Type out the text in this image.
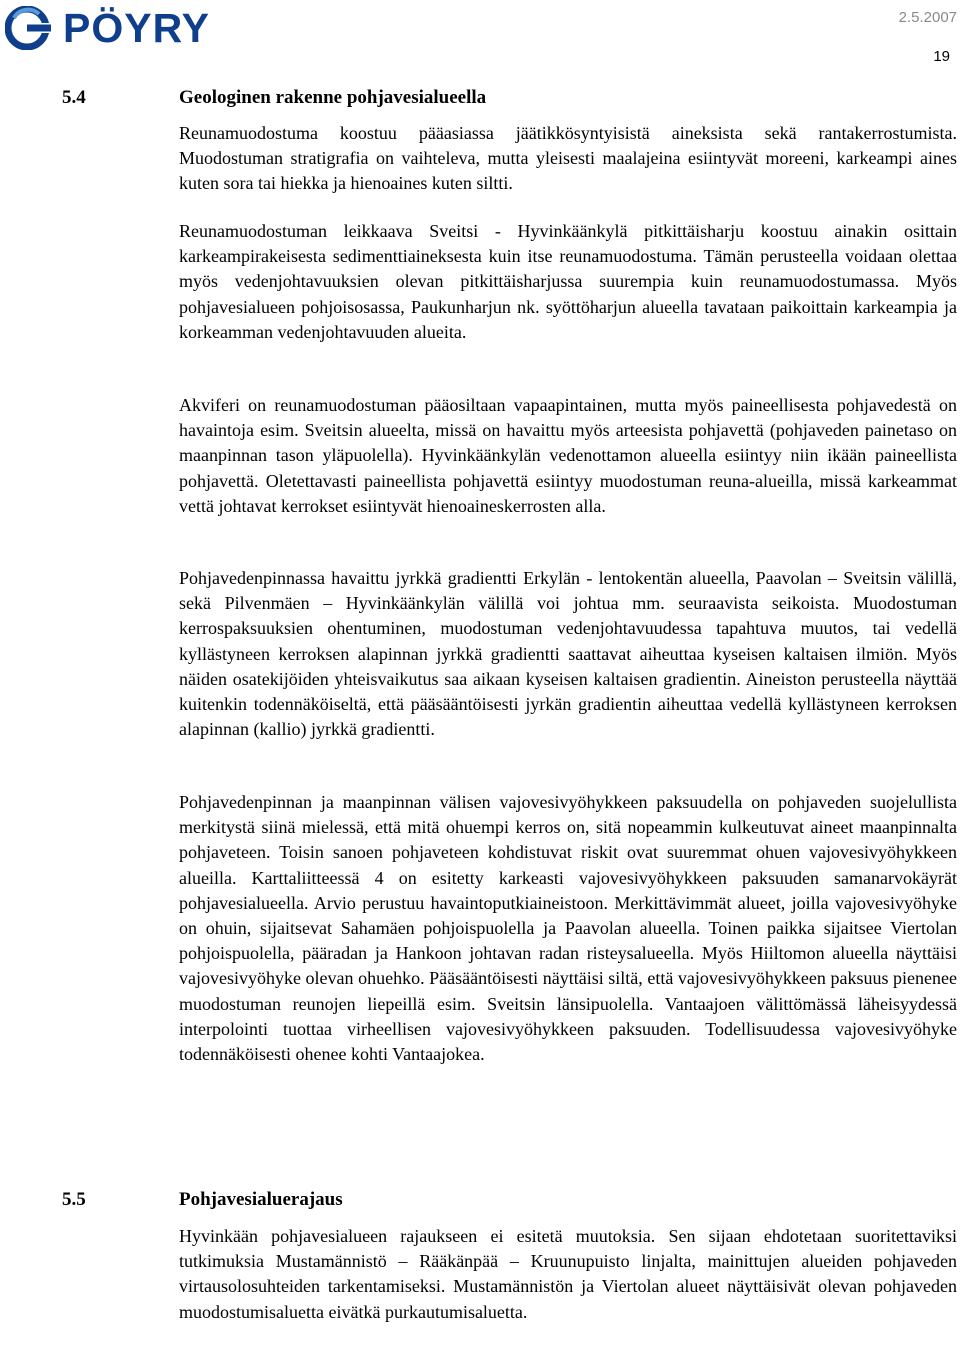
PÖYRY	2.5.2007
19
5.4	Geologinen rakenne pohjavesialueella

Reunamuodostuma koostuu pääasiassa jäätikkösyntyisistä aineksista sekä rantakerrostumista. Muodostuman stratigrafia on vaihteleva, mutta yleisesti maalajeina esiintyvät moreeni, karkeampi aines kuten sora tai hiekka ja hienoaines kuten siltti.

Reunamuodostuman leikkaava Sveitsi - Hyvinkäänkylä pitkittäisharju koostuu ainakin osittain karkeampirakeisesta sedimenttiaineksesta kuin itse reunamuodostuma. Tämän perusteella voidaan olettaa myös vedenjohtavuuksien olevan pitkittäisharjussa suurempia kuin reunamuodostumassa. Myös pohjavesialueen pohjoisosassa, Paukunharjun nk. syöttöharjun alueella tavataan paikoittain karkeampia ja korkeamman vedenjohtavuuden alueita.

Akviferi on reunamuodostuman pääosiltaan vapaapintainen, mutta myös paineellisesta pohjavedestä on havaintoja esim. Sveitsin alueelta, missä on havaittu myös arteesista pohjavettä (pohjaveden painetaso on maanpinnan tason yläpuolella). Hyvinkäänkylän vedenottamon alueella esiintyy niin ikään paineellista pohjavettä. Oletettavasti paineellista pohjavettä esiintyy muodostuman reuna-alueilla, missä karkeammat vettä johtavat kerrokset esiintyvät hienoaineskerrosten alla.

Pohjavedenpinnassa havaittu jyrkkä gradientti Erkylän - lentokentän alueella, Paavolan – Sveitsin välillä, sekä Pilvenmäen – Hyvinkäänkylän välillä voi johtua mm. seuraavista seikoista. Muodostuman kerrospaksuuksien ohentuminen, muodostuman vedenjohtavuudessa tapahtuva muutos, tai vedellä kyllästyneen kerroksen alapinnan jyrkkä gradientti saattavat aiheuttaa kyseisen kaltaisen ilmiön. Myös näiden osatekijöiden yhteisvaikutus saa aikaan kyseisen kaltaisen gradientin. Aineiston perusteella näyttää kuitenkin todennäköiseltä, että pääsääntöisesti jyrkän gradientin aiheuttaa vedellä kyllästyneen kerroksen alapinnan (kallio) jyrkkä gradientti.

Pohjavedenpinnan ja maanpinnan välisen vajovesivyöhykkeen paksuudella on pohjaveden suojelullista merkitystä siinä mielessä, että mitä ohuempi kerros on, sitä nopeammin kulkeutuvat aineet maanpinnalta pohjaveteen. Toisin sanoen pohjaveteen kohdistuvat riskit ovat suuremmat ohuen vajovesivyöhykkeen alueilla. Karttaliitteessä 4 on esitetty karkeasti vajovesivyöhykkeen paksuuden samanarvokäyrät pohjavesialueella. Arvio perustuu havaintoputkiaineistoon. Merkittävimmät alueet, joilla vajovesivyöhyke on ohuin, sijaitsevat Sahamäen pohjoispuolella ja Paavolan alueella. Toinen paikka sijaitsee Viertolan pohjoispuolella, pääradan ja Hankoon johtavan radan risteysalueella. Myös Hiiltomon alueella näyttäisi vajovesivyöhyke olevan ohuehko. Pääsääntöisesti näyttäisi siltä, että vajovesivyöhykkeen paksuus pienenee muodostuman reunojen liepeillä esim. Sveitsin länsipuolella. Vantaajoen välittömässä läheisyydessä interpolointi tuottaa virheellisen vajovesivyöhykkeen paksuuden. Todellisuudessa vajovesivyöhyke todennäköisesti ohenee kohti Vantaajokea.

5.5	Pohjavesialuerajaus

Hyvinkään pohjavesialueen rajaukseen ei esitetä muutoksia. Sen sijaan ehdotetaan suoritettaviksi tutkimuksia Mustamännistö – Rääkänpää – Kruunupuisto linjalta, mainittujen alueiden pohjaveden virtausolosuhteiden tarkentamiseksi. Mustamännistön ja Viertolan alueet näyttäisivät olevan pohjaveden muodostumisaluetta eivätkä purkautumisaluetta.
